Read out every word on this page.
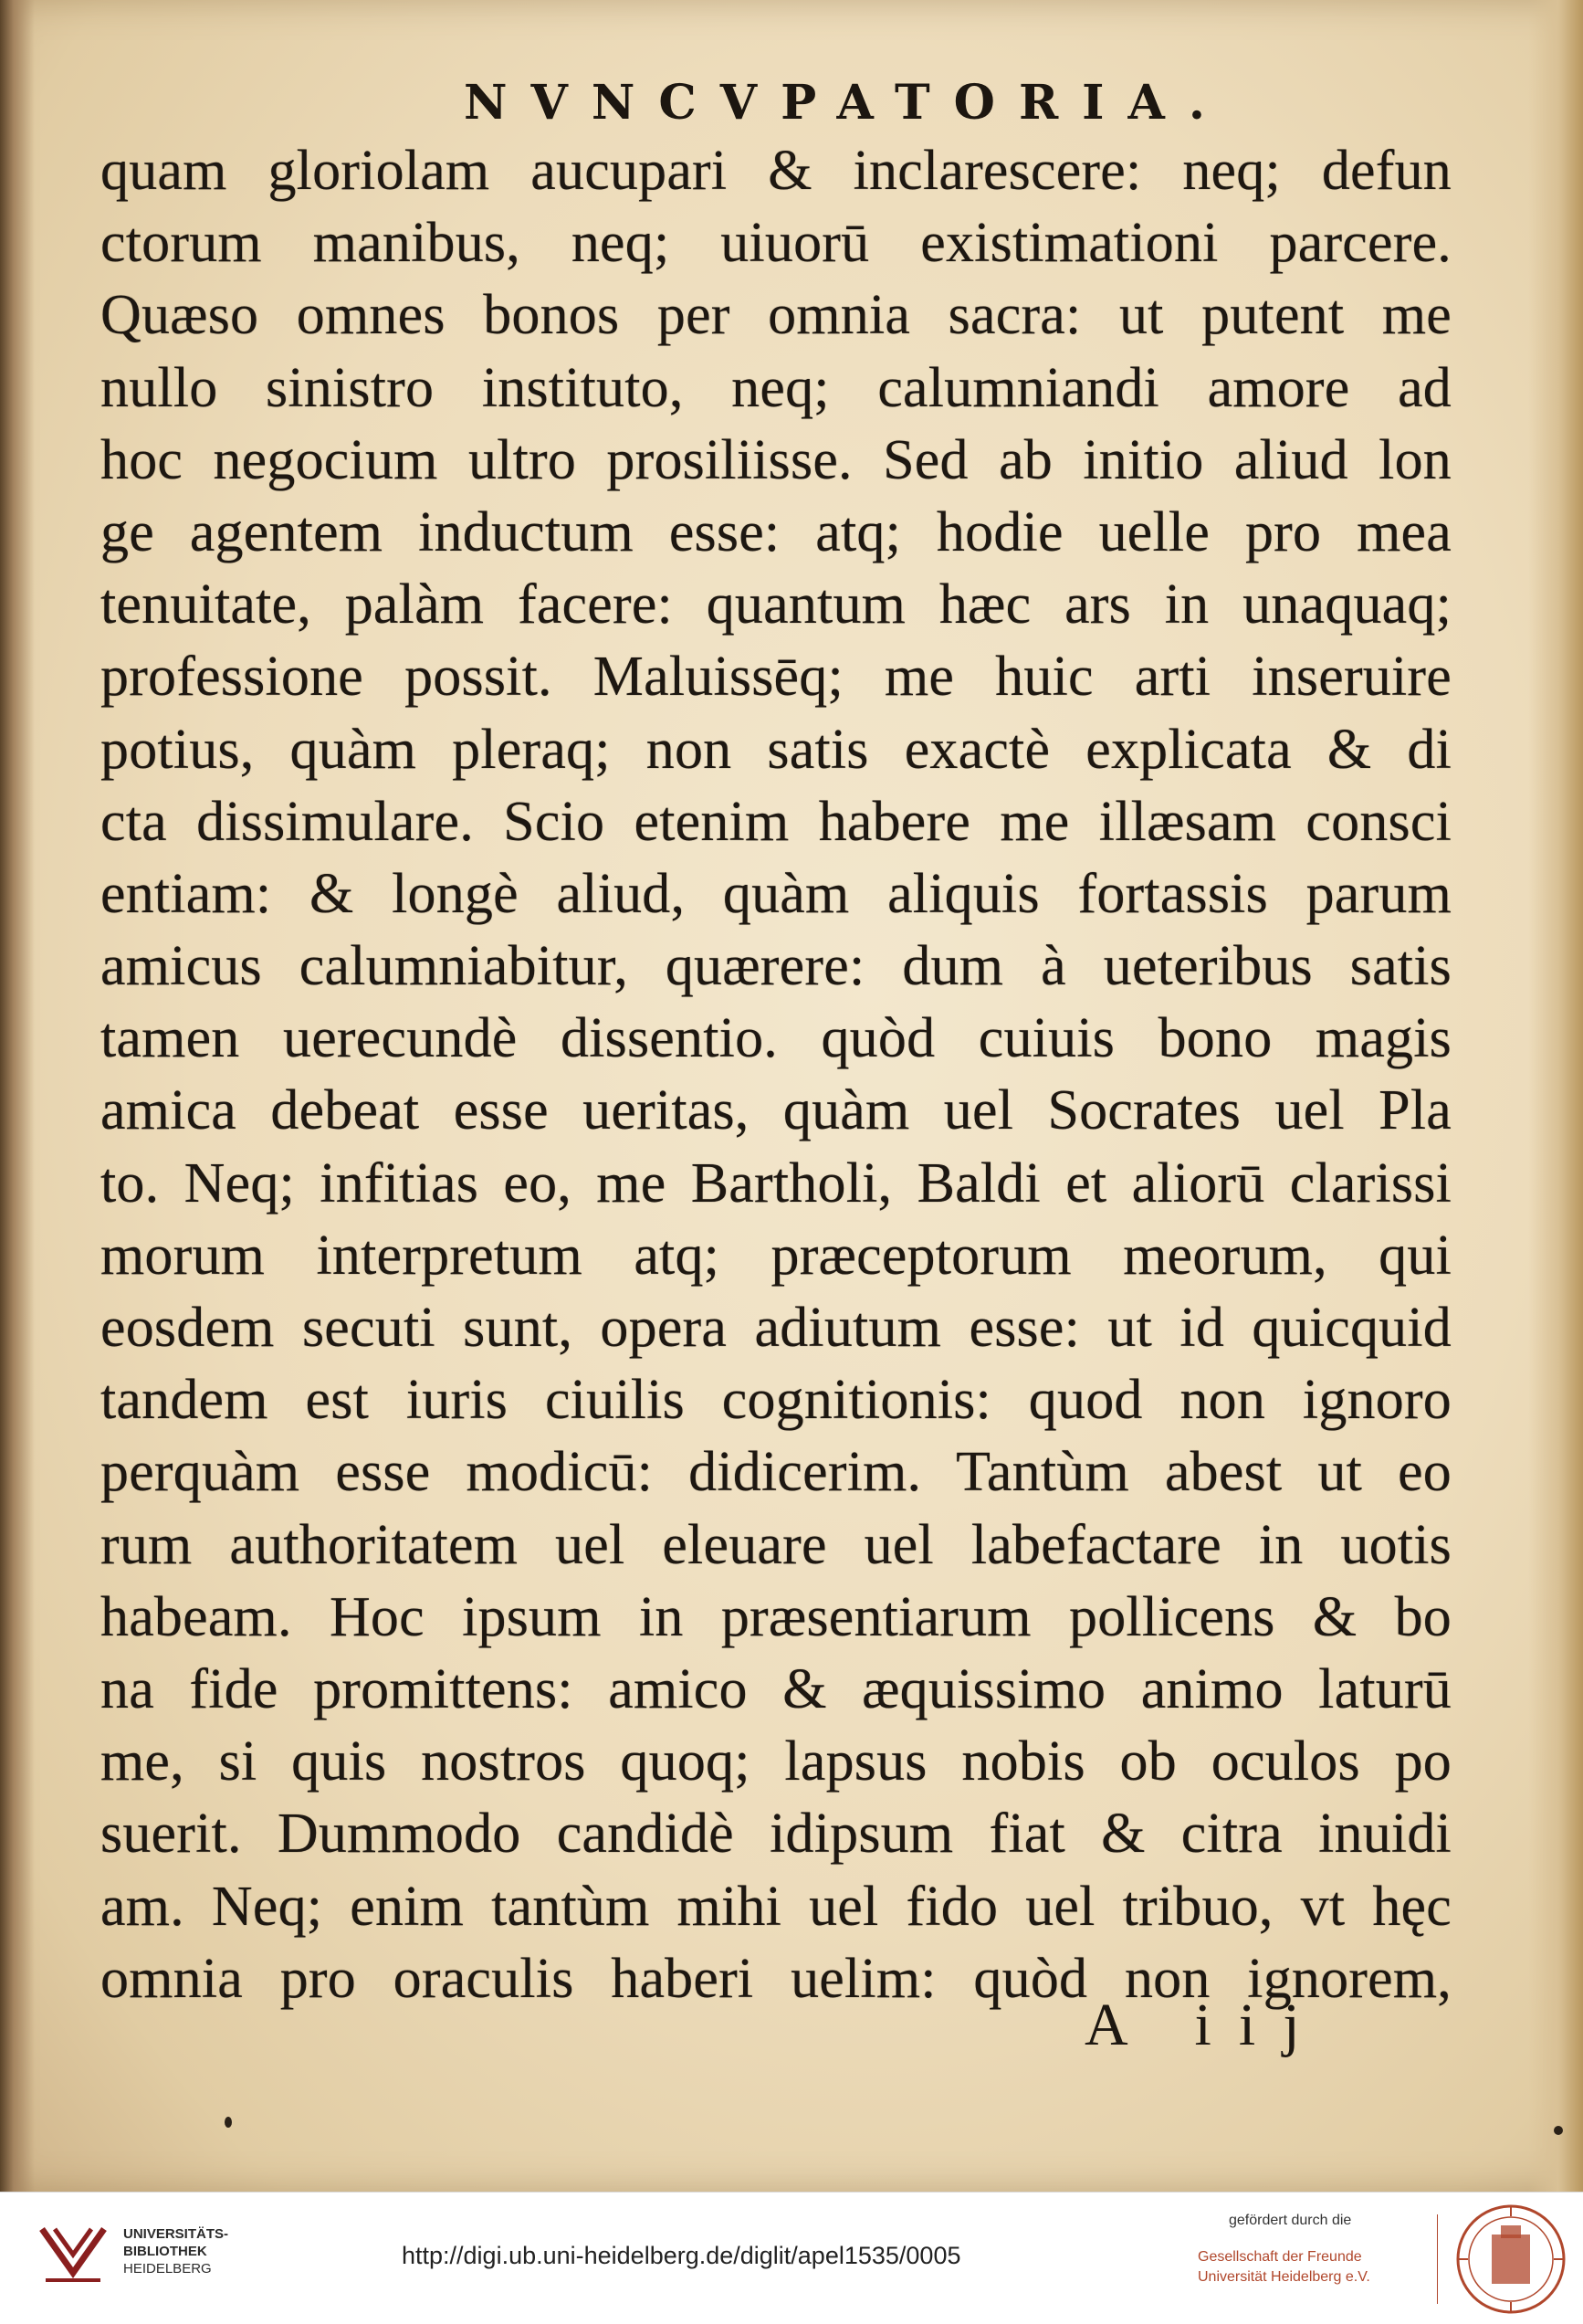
NVNCVPATORIA.
quam gloriolam aucupari & inclarescere: neq; defun
ctorum manibus, neq; uiuorū existimationi parcere.
Quæso omnes bonos per omnia sacra: ut putent me
nullo sinistro instituto, neq; calumniandi amore ad
hoc negocium ultro prosiliisse. Sed ab initio aliud lon
ge agentem inductum esse: atq; hodie uelle pro mea
tenuitate, palàm facere: quantum hæc ars in unaquaq;
professione possit. Maluissēq; me huic arti inseruire
potius, quàm pleraq; non satis exactè explicata & di
cta dissimulare. Scio etenim habere me illæsam consci
entiam: & longè aliud, quàm aliquis fortassis parum
amicus calumniabitur, quærere: dum à ueteribus satis
tamen uerecundè dissentio. quòd cuiuis bono magis
amica debeat esse ueritas, quàm uel Socrates uel Pla
to. Neq; infitias eo, me Bartholi, Baldi et aliorū clarissi
morum interpretum atq; præceptorum meorum, qui
eosdem secuti sunt, opera adiutum esse: ut id quicquid
tandem est iuris ciuilis cognitionis: quod non ignoro
perquàm esse modicū: didicerim. Tantùm abest ut eo
rum authoritatem uel eleuare uel labefactare in uotis
habeam. Hoc ipsum in præsentiarum pollicens & bo
na fide promittens: amico & æquissimo animo laturū
me, si quis nostros quoq; lapsus nobis ob oculos po
suerit. Dummodo candidè idipsum fiat & citra inuidi
am. Neq; enim tantùm mihi uel fido uel tribuo, vt hęc
omnia pro oraculis haberi uelim: quòd non ignorem,
A iij
UNIVERSITÄTS-
BIBLIOTHEK
HEIDELBERG	http://digi.ub.uni-heidelberg.de/diglit/apel1535/0005
gefördert durch die
Gesellschaft der Freunde
Universität Heidelberg e.V.
